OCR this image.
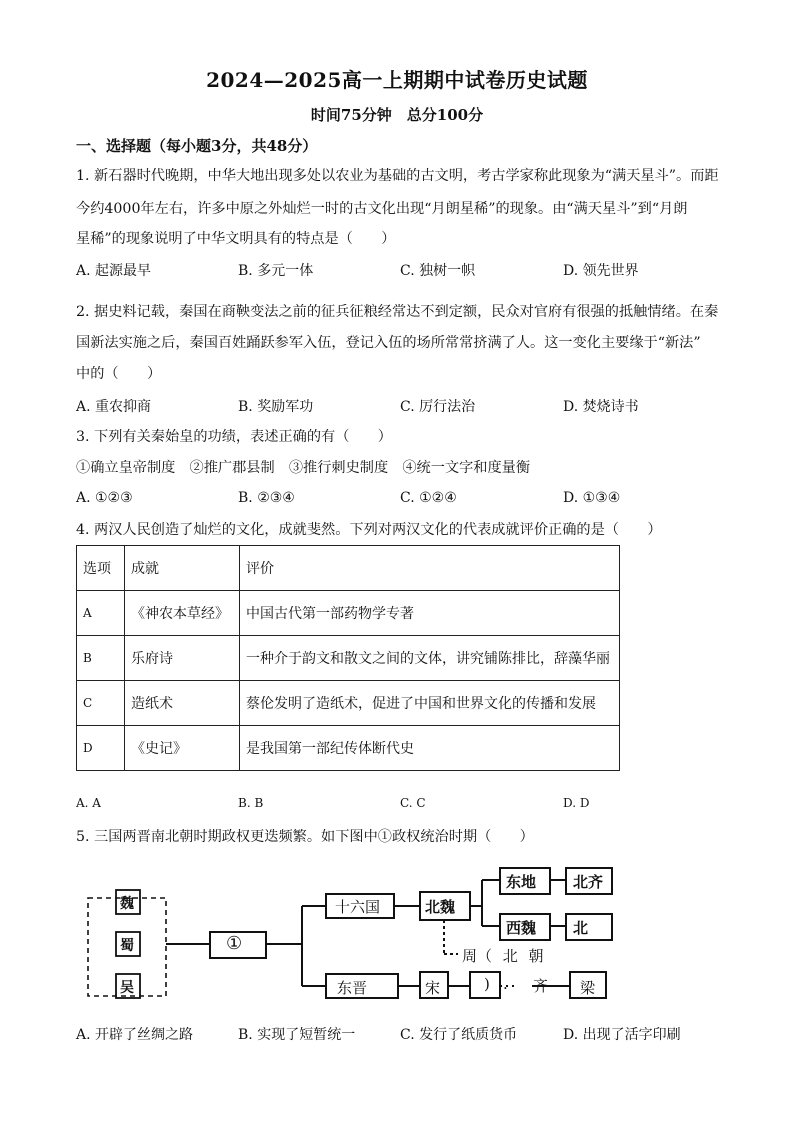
2024—2025高一上期期中试卷历史试题
时间75分钟　总分100分
一、选择题（每小题3分，共48分）
1. 新石器时代晚期，中华大地出现多处以农业为基础的古文明，考古学家称此现象为“满天星斗”。而距
今约4000年左右，许多中原之外灿烂一时的古文化出现“月朗星稀”的现象。由“满天星斗”到“月朗
星稀”的现象说明了中华文明具有的特点是（　　）
A. 起源最早	B. 多元一体	C. 独树一帜	D. 领先世界
2. 据史料记载，秦国在商鞅变法之前的征兵征粮经常达不到定额，民众对官府有很强的抵触情绪。在秦
国新法实施之后，秦国百姓踊跃参军入伍，登记入伍的场所常常挤满了人。这一变化主要缘于“新法”
中的（　　）
A. 重农抑商	B. 奖励军功	C. 厉行法治	D. 焚烧诗书
3. 下列有关秦始皇的功绩，表述正确的有（　　）
①确立皇帝制度　②推广郡县制　③推行刺史制度　④统一文字和度量衡
A. ①②③	B. ②③④	C. ①②④	D. ①③④
4. 两汉人民创造了灿烂的文化，成就斐然。下列对两汉文化的代表成就评价正确的是（　　）
选项	成就	评价
A	《神农本草经》	中国古代第一部药物学专著
B	乐府诗	一种介于韵文和散文之间的文体，讲究铺陈排比，辞藻华丽
C	造纸术	蔡伦发明了造纸术，促进了中国和世界文化的传播和发展
D	《史记》	是我国第一部纪传体断代史
A. A	B. B	C. C	D. D
5. 三国两晋南北朝时期政权更迭频繁。如下图中①政权统治时期（　　）
魏
蜀
吴
①
十六国	北魏
东地 北齐
西魏 北
周（ 北 朝
东晋	宋	) . 齐 梁
A. 开辟了丝绸之路	B. 实现了短暂统一	C. 发行了纸质货币	D. 出现了活字印刷
